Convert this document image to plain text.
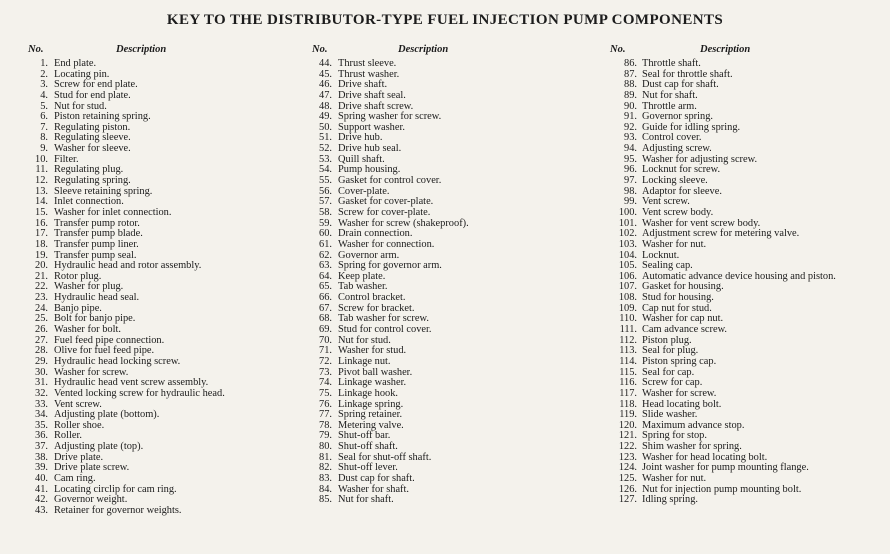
KEY TO THE DISTRIBUTOR-TYPE FUEL INJECTION PUMP COMPONENTS
No.	Description
1. End plate.
2. Locating pin.
3. Screw for end plate.
4. Stud for end plate.
5. Nut for stud.
6. Piston retaining spring.
7. Regulating piston.
8. Regulating sleeve.
9. Washer for sleeve.
10. Filter.
11. Regulating plug.
12. Regulating spring.
13. Sleeve retaining spring.
14. Inlet connection.
15. Washer for inlet connection.
16. Transfer pump rotor.
17. Transfer pump blade.
18. Transfer pump liner.
19. Transfer pump seal.
20. Hydraulic head and rotor assembly.
21. Rotor plug.
22. Washer for plug.
23. Hydraulic head seal.
24. Banjo pipe.
25. Bolt for banjo pipe.
26. Washer for bolt.
27. Fuel feed pipe connection.
28. Olive for fuel feed pipe.
29. Hydraulic head locking screw.
30. Washer for screw.
31. Hydraulic head vent screw assembly.
32. Vented locking screw for hydraulic head.
33. Vent screw.
34. Adjusting plate (bottom).
35. Roller shoe.
36. Roller.
37. Adjusting plate (top).
38. Drive plate.
39. Drive plate screw.
40. Cam ring.
41. Locating circlip for cam ring.
42. Governor weight.
43. Retainer for governor weights.
No.	Description
44. Thrust sleeve.
45. Thrust washer.
46. Drive shaft.
47. Drive shaft seal.
48. Drive shaft screw.
49. Spring washer for screw.
50. Support washer.
51. Drive hub.
52. Drive hub seal.
53. Quill shaft.
54. Pump housing.
55. Gasket for control cover.
56. Cover-plate.
57. Gasket for cover-plate.
58. Screw for cover-plate.
59. Washer for screw (shakeproof).
60. Drain connection.
61. Washer for connection.
62. Governor arm.
63. Spring for governor arm.
64. Keep plate.
65. Tab washer.
66. Control bracket.
67. Screw for bracket.
68. Tab washer for screw.
69. Stud for control cover.
70. Nut for stud.
71. Washer for stud.
72. Linkage nut.
73. Pivot ball washer.
74. Linkage washer.
75. Linkage hook.
76. Linkage spring.
77. Spring retainer.
78. Metering valve.
79. Shut-off bar.
80. Shut-off shaft.
81. Seal for shut-off shaft.
82. Shut-off lever.
83. Dust cap for shaft.
84. Washer for shaft.
85. Nut for shaft.
No.	Description
86. Throttle shaft.
87. Seal for throttle shaft.
88. Dust cap for shaft.
89. Nut for shaft.
90. Throttle arm.
91. Governor spring.
92. Guide for idling spring.
93. Control cover.
94. Adjusting screw.
95. Washer for adjusting screw.
96. Locknut for screw.
97. Locking sleeve.
98. Adaptor for sleeve.
99. Vent screw.
100. Vent screw body.
101. Washer for vent screw body.
102. Adjustment screw for metering valve.
103. Washer for nut.
104. Locknut.
105. Sealing cap.
106. Automatic advance device housing and piston.
107. Gasket for housing.
108. Stud for housing.
109. Cap nut for stud.
110. Washer for cap nut.
111. Cam advance screw.
112. Piston plug.
113. Seal for plug.
114. Piston spring cap.
115. Seal for cap.
116. Screw for cap.
117. Washer for screw.
118. Head locating bolt.
119. Slide washer.
120. Maximum advance stop.
121. Spring for stop.
122. Shim washer for spring.
123. Washer for head locating bolt.
124. Joint washer for pump mounting flange.
125. Washer for nut.
126. Nut for injection pump mounting bolt.
127. Idling spring.
